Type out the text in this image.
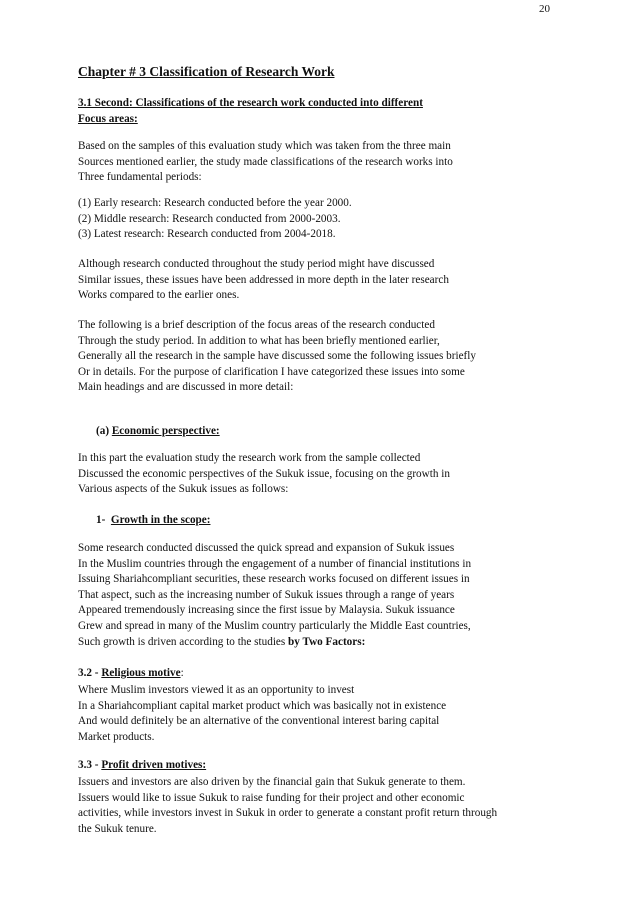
20
Chapter # 3 Classification of Research Work
3.1 Second: Classifications of the research work conducted into different
Focus areas:
Based on the samples of this evaluation study which was taken from the three main
Sources mentioned earlier, the study made classifications of the research works into
Three fundamental periods:
(1) Early research: Research conducted before the year 2000.
(2) Middle research: Research conducted from 2000-2003.
(3) Latest research: Research conducted from 2004-2018.
Although research conducted throughout the study period might have discussed
Similar issues, these issues have been addressed in more depth in the later research
Works compared to the earlier ones.
The following is a brief description of the focus areas of the research conducted
Through the study period. In addition to what has been briefly mentioned earlier,
Generally all the research in the sample have discussed some the following issues briefly
Or in details. For the purpose of clarification I have categorized these issues into some
Main headings and are discussed in more detail:
(a) Economic perspective:
In this part the evaluation study the research work from the sample collected
Discussed the economic perspectives of the Sukuk issue, focusing on the growth in
Various aspects of the Sukuk issues as follows:
1- Growth in the scope:
Some research conducted discussed the quick spread and expansion of Sukuk issues
In the Muslim countries through the engagement of a number of financial institutions in
Issuing Shariahcompliant securities, these research works focused on different issues in
That aspect, such as the increasing number of Sukuk issues through a range of years
Appeared tremendously increasing since the first issue by Malaysia. Sukuk issuance
Grew and spread in many of the Muslim country particularly the Middle East countries,
Such growth is driven according to the studies by Two Factors:
3.2 - Religious motive:
Where Muslim investors viewed it as an opportunity to invest
In a Shariahcompliant capital market product which was basically not in existence
And would definitely be an alternative of the conventional interest baring capital
Market products.
3.3 - Profit driven motives:
Issuers and investors are also driven by the financial gain that Sukuk generate to them.
Issuers would like to issue Sukuk to raise funding for their project and other economic
activities, while investors invest in Sukuk in order to generate a constant profit return through
the Sukuk tenure.
